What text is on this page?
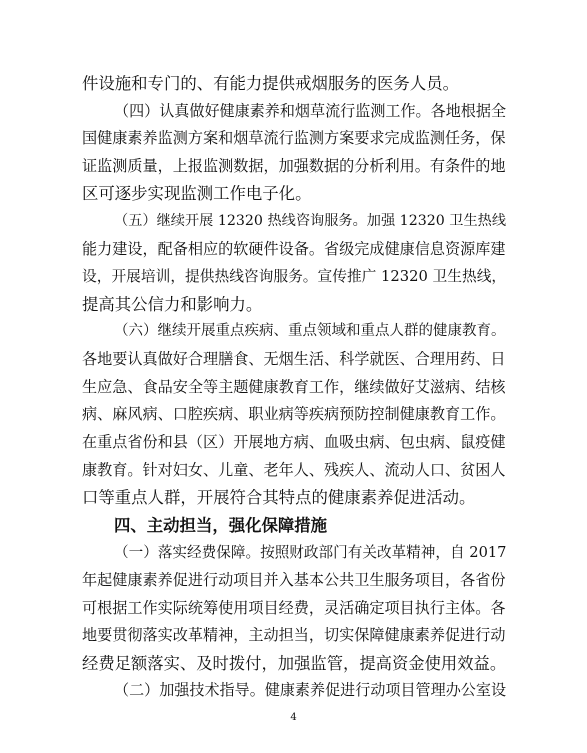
件设施和专门的、有能力提供戒烟服务的医务人员。
（四）认真做好健康素养和烟草流行监测工作。各地根据全
国健康素养监测方案和烟草流行监测方案要求完成监测任务，保
证监测质量，上报监测数据，加强数据的分析利用。有条件的地
区可逐步实现监测工作电子化。
（五）继续开展 12320 热线咨询服务。加强 12320 卫生热线
能力建设，配备相应的软硬件设备。省级完成健康信息资源库建
设，开展培训，提供热线咨询服务。宣传推广 12320 卫生热线，
提高其公信力和影响力。
（六）继续开展重点疾病、重点领域和重点人群的健康教育。
各地要认真做好合理膳食、无烟生活、科学就医、合理用药、日
生应急、食品安全等主题健康教育工作，继续做好艾滋病、结核
病、麻风病、口腔疾病、职业病等疾病预防控制健康教育工作。
在重点省份和县（区）开展地方病、血吸虫病、包虫病、鼠疫健
康教育。针对妇女、儿童、老年人、残疾人、流动人口、贫困人
口等重点人群，开展符合其特点的健康素养促进活动。
四、主动担当，强化保障措施
（一）落实经费保障。按照财政部门有关改革精神，自 2017
年起健康素养促进行动项目并入基本公共卫生服务项目，各省份
可根据工作实际统筹使用项目经费，灵活确定项目执行主体。各
地要贯彻落实改革精神，主动担当，切实保障健康素养促进行动
经费足额落实、及时拨付，加强监管，提高资金使用效益。
（二）加强技术指导。健康素养促进行动项目管理办公室设
4
